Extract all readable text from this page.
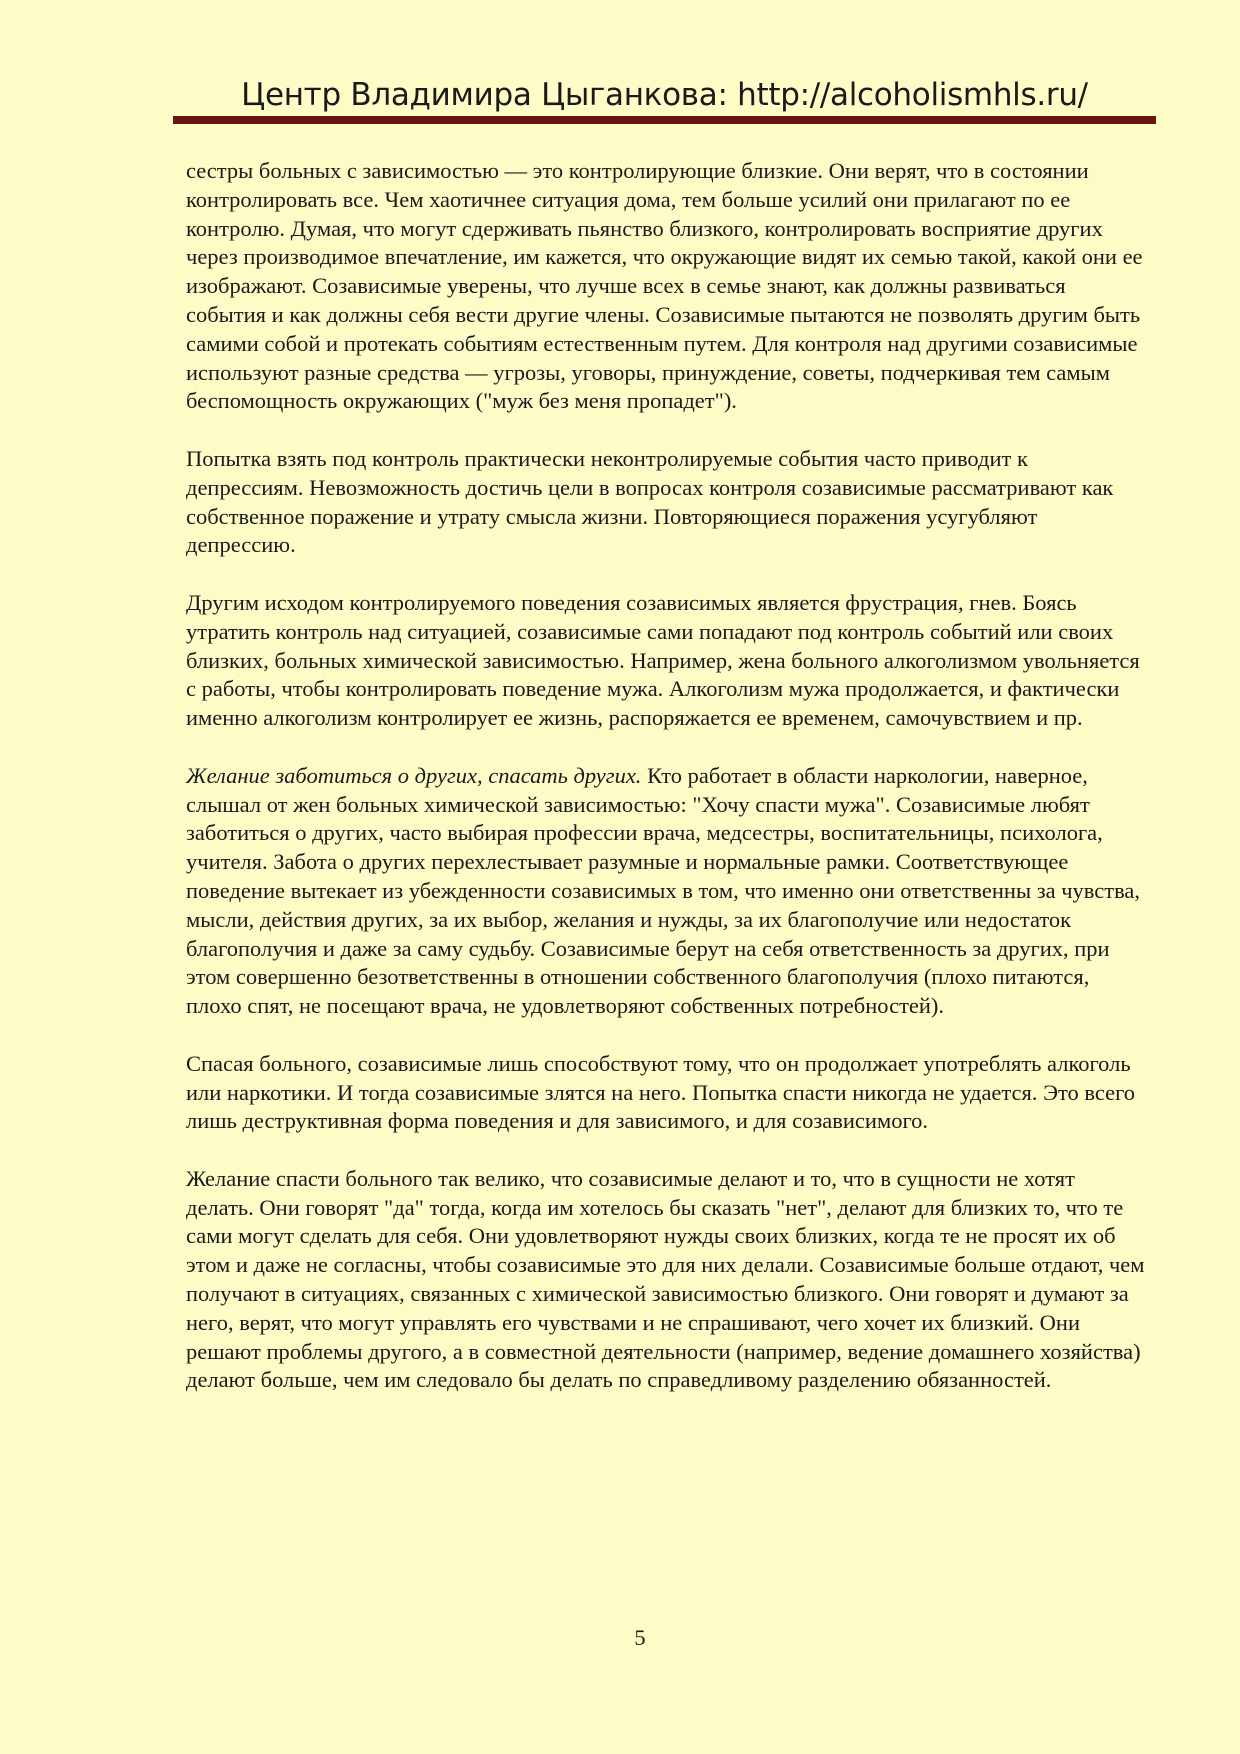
Центр Владимира Цыганкова: http://alcoholismhls.ru/

сестры больных с зависимостью — это контролирующие близкие. Они верят, что в состоянии контролировать все. Чем хаотичнее ситуация дома, тем больше усилий они прилагают по ее контролю. Думая, что могут сдерживать пьянство близкого, контролировать восприятие других через производимое впечатление, им кажется, что окружающие видят их семью такой, какой они ее изображают. Созависимые уверены, что лучше всех в семье знают, как должны развиваться события и как должны себя вести другие члены. Созависимые пытаются не позволять другим быть самими собой и протекать событиям естественным путем. Для контроля над другими созависимые используют разные средства — угрозы, уговоры, принуждение, советы, подчеркивая тем самым беспомощность окружающих ("муж без меня пропадет").

Попытка взять под контроль практически неконтролируемые события часто приводит к депрессиям. Невозможность достичь цели в вопросах контроля созависимые рассматривают как собственное поражение и утрату смысла жизни. Повторяющиеся поражения усугубляют депрессию.

Другим исходом контролируемого поведения созависимых является фрустрация, гнев. Боясь утратить контроль над ситуацией, созависимые сами попадают под контроль событий или своих близких, больных химической зависимостью. Например, жена больного алкоголизмом увольняется с работы, чтобы контролировать поведение мужа. Алкоголизм мужа продолжается, и фактически именно алкоголизм контролирует ее жизнь, распоряжается ее временем, самочувствием и пр.

Желание заботиться о других, спасать других. Кто работает в области наркологии, наверное, слышал от жен больных химической зависимостью: "Хочу спасти мужа". Созависимые любят заботиться о других, часто выбирая профессии врача, медсестры, воспитательницы, психолога, учителя. Забота о других перехлестывает разумные и нормальные рамки. Соответствующее поведение вытекает из убежденности созависимых в том, что именно они ответственны за чувства, мысли, действия других, за их выбор, желания и нужды, за их благополучие или недостаток благополучия и даже за саму судьбу. Созависимые берут на себя ответственность за других, при этом совершенно безответственны в отношении собственного благополучия (плохо питаются, плохо спят, не посещают врача, не удовлетворяют собственных потребностей).

Спасая больного, созависимые лишь способствуют тому, что он продолжает употреблять алкоголь или наркотики. И тогда созависимые злятся на него. Попытка спасти никогда не удается. Это всего лишь деструктивная форма поведения и для зависимого, и для созависимого.

Желание спасти больного так велико, что созависимые делают и то, что в сущности не хотят делать. Они говорят "да" тогда, когда им хотелось бы сказать "нет", делают для близких то, что те сами могут сделать для себя. Они удовлетворяют нужды своих близких, когда те не просят их об этом и даже не согласны, чтобы созависимые это для них делали. Созависимые больше отдают, чем получают в ситуациях, связанных с химической зависимостью близкого. Они говорят и думают за него, верят, что могут управлять его чувствами и не спрашивают, чего хочет их близкий. Они решают проблемы другого, а в совместной деятельности (например, ведение домашнего хозяйства) делают больше, чем им следовало бы делать по справедливому разделению обязанностей.

5
